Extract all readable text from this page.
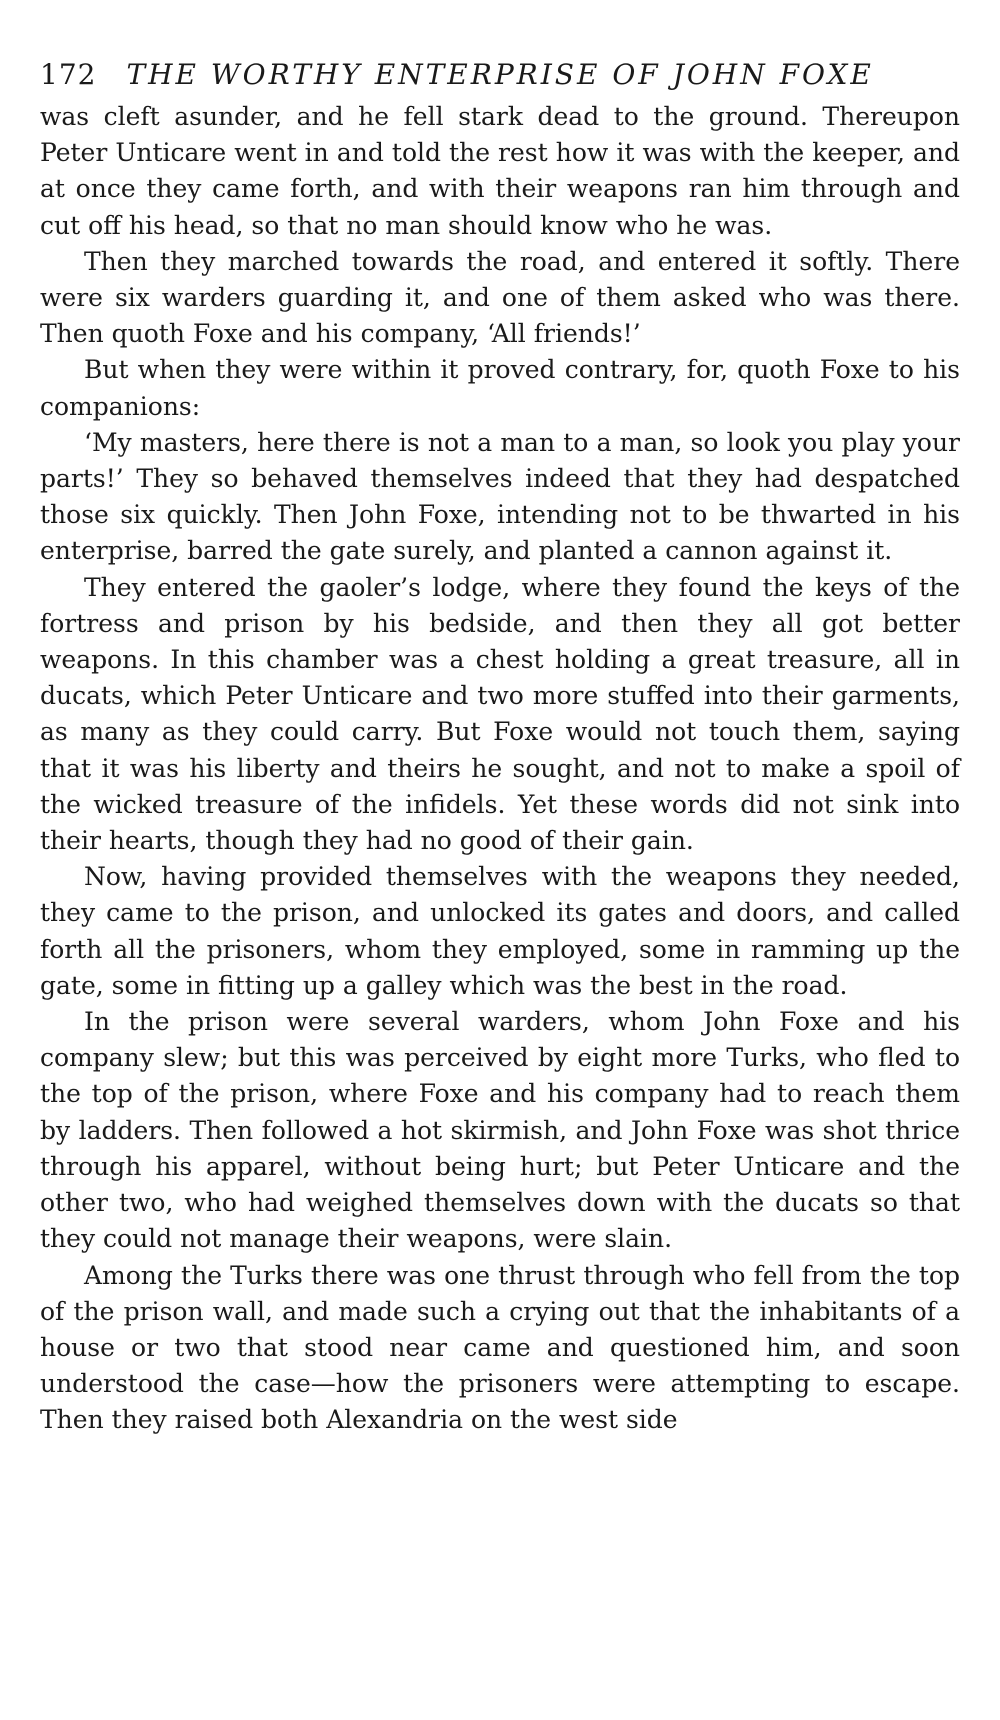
172 THE WORTHY ENTERPRISE OF JOHN FOXE

was cleft asunder, and he fell stark dead to the ground. Thereupon Peter Unticare went in and told the rest how it was with the keeper, and at once they came forth, and with their weapons ran him through and cut off his head, so that no man should know who he was.

Then they marched towards the road, and entered it softly. There were six warders guarding it, and one of them asked who was there. Then quoth Foxe and his company, ‘All friends!’

But when they were within it proved contrary, for, quoth Foxe to his companions:

‘My masters, here there is not a man to a man, so look you play your parts!’ They so behaved themselves indeed that they had despatched those six quickly. Then John Foxe, intending not to be thwarted in his enterprise, barred the gate surely, and planted a cannon against it.

They entered the gaoler’s lodge, where they found the keys of the fortress and prison by his bedside, and then they all got better weapons. In this chamber was a chest holding a great treasure, all in ducats, which Peter Unticare and two more stuffed into their garments, as many as they could carry. But Foxe would not touch them, saying that it was his liberty and theirs he sought, and not to make a spoil of the wicked treasure of the infidels. Yet these words did not sink into their hearts, though they had no good of their gain.

Now, having provided themselves with the weapons they needed, they came to the prison, and unlocked its gates and doors, and called forth all the prisoners, whom they employed, some in ramming up the gate, some in fitting up a galley which was the best in the road.

In the prison were several warders, whom John Foxe and his company slew; but this was perceived by eight more Turks, who fled to the top of the prison, where Foxe and his company had to reach them by ladders. Then followed a hot skirmish, and John Foxe was shot thrice through his apparel, without being hurt; but Peter Unticare and the other two, who had weighed themselves down with the ducats so that they could not manage their weapons, were slain.

Among the Turks there was one thrust through who fell from the top of the prison wall, and made such a crying out that the inhabitants of a house or two that stood near came and questioned him, and soon understood the case—how the prisoners were attempting to escape. Then they raised both Alexandria on the west side
